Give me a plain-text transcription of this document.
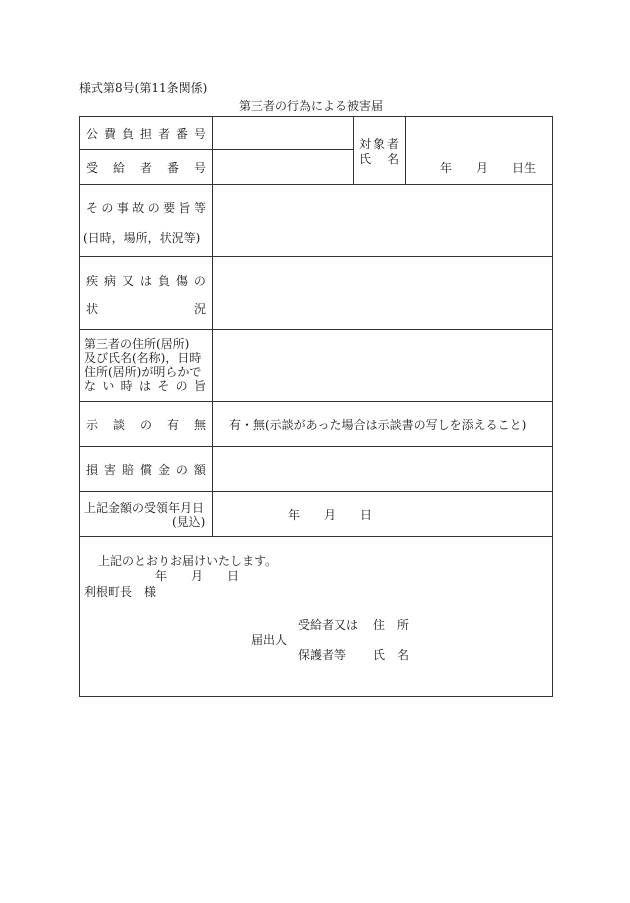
様式第8号(第11条関係)
第三者の行為による被害届
公 費 負 担 者 番 号
受 給 者 番 号
対 象 者
氏 名
年　　月　　日生
そ の 事 故 の 要 旨 等
(日時，場所，状況等)
疾 病 又 は 負 傷 の
状	況
第三者の住所(居所)
及び氏名(名称)，日時
住所(居所)が明らかで
な い 時 は そ の 旨
示 談 の 有 無 有・無(示談があった場合は示談書の写しを添えること)
損 害 賠 償 金 の 額
上記金額の受領年月日
(見込)	年　　月　　日
上記のとおりお届けいたします。
年　　月　　日
利根町長　様
受給者又は 住　所
届出人
保護者等 氏　名
